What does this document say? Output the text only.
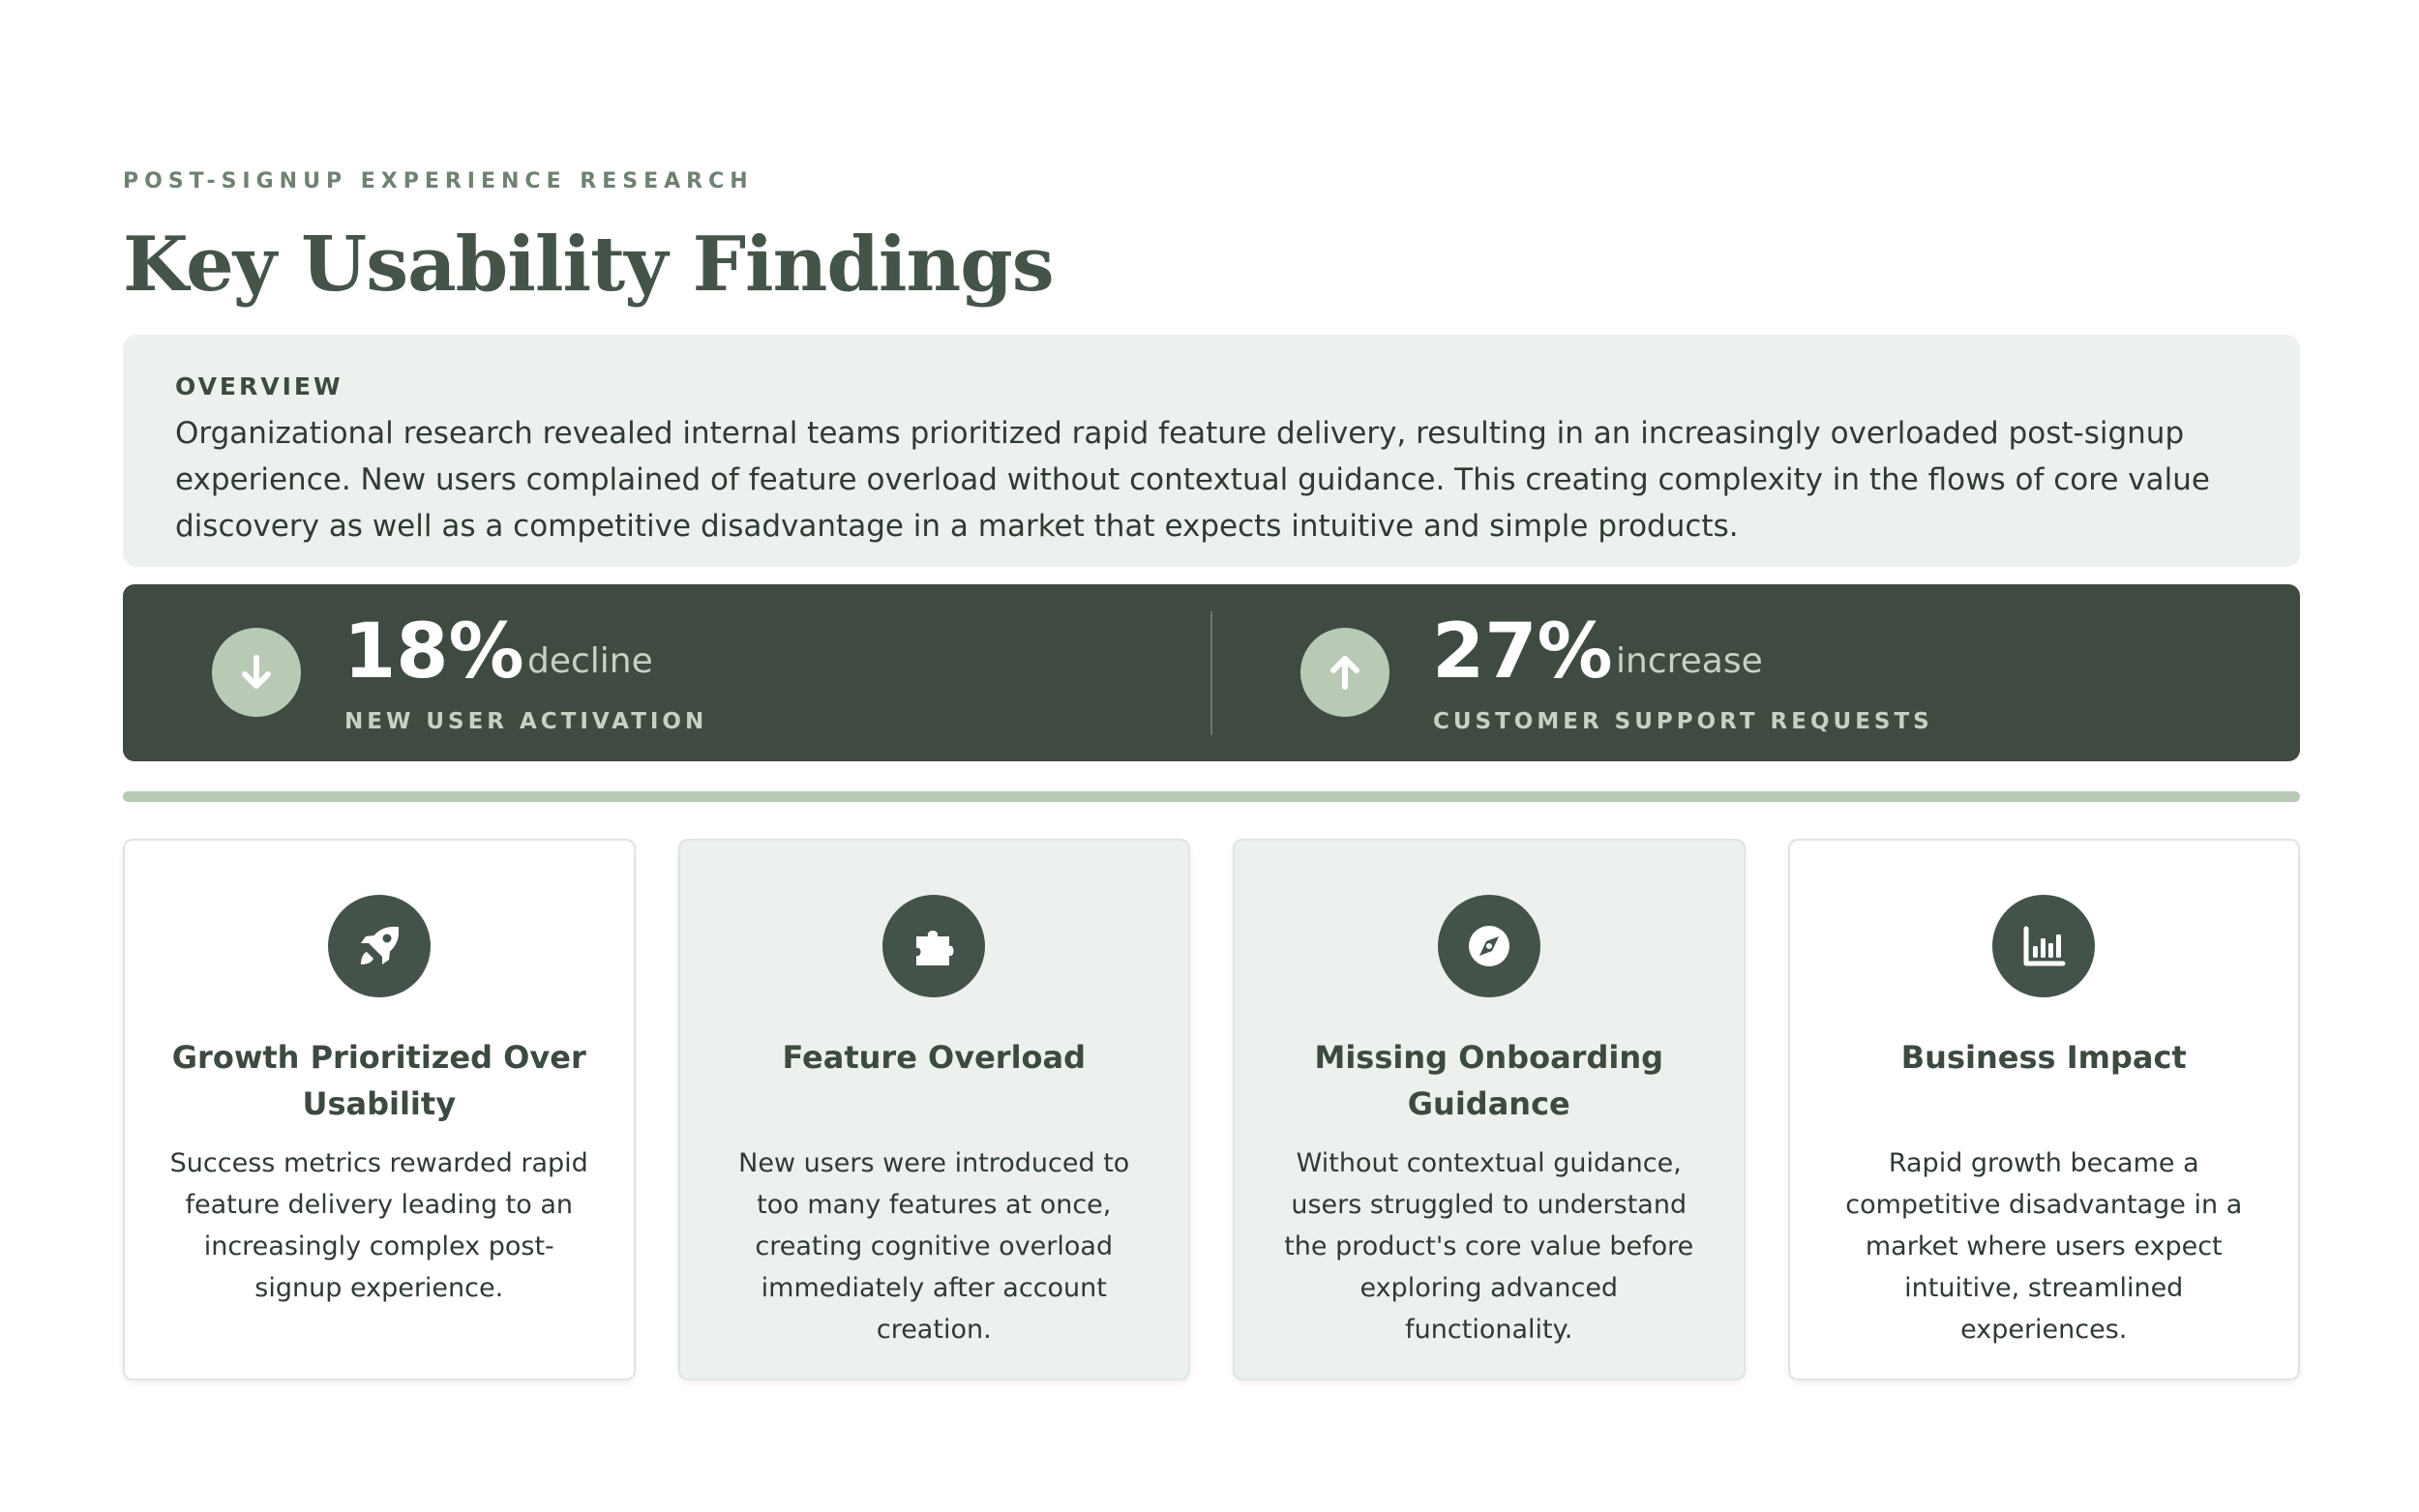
POST-SIGNUP EXPERIENCE RESEARCH
Key Usability Findings
OVERVIEW
Organizational research revealed internal teams prioritized rapid feature delivery, resulting in an increasingly overloaded post-signup experience. New users complained of feature overload without contextual guidance. This creating complexity in the flows of core value discovery as well as a competitive disadvantage in a market that expects intuitive and simple products.
18% decline
NEW USER ACTIVATION
27% increase
CUSTOMER SUPPORT REQUESTS
Growth Prioritized Over Usability
Success metrics rewarded rapid feature delivery leading to an increasingly complex post-signup experience.
Feature Overload
New users were introduced to too many features at once, creating cognitive overload immediately after account creation.
Missing Onboarding Guidance
Without contextual guidance, users struggled to understand the product's core value before exploring advanced functionality.
Business Impact
Rapid growth became a competitive disadvantage in a market where users expect intuitive, streamlined experiences.
